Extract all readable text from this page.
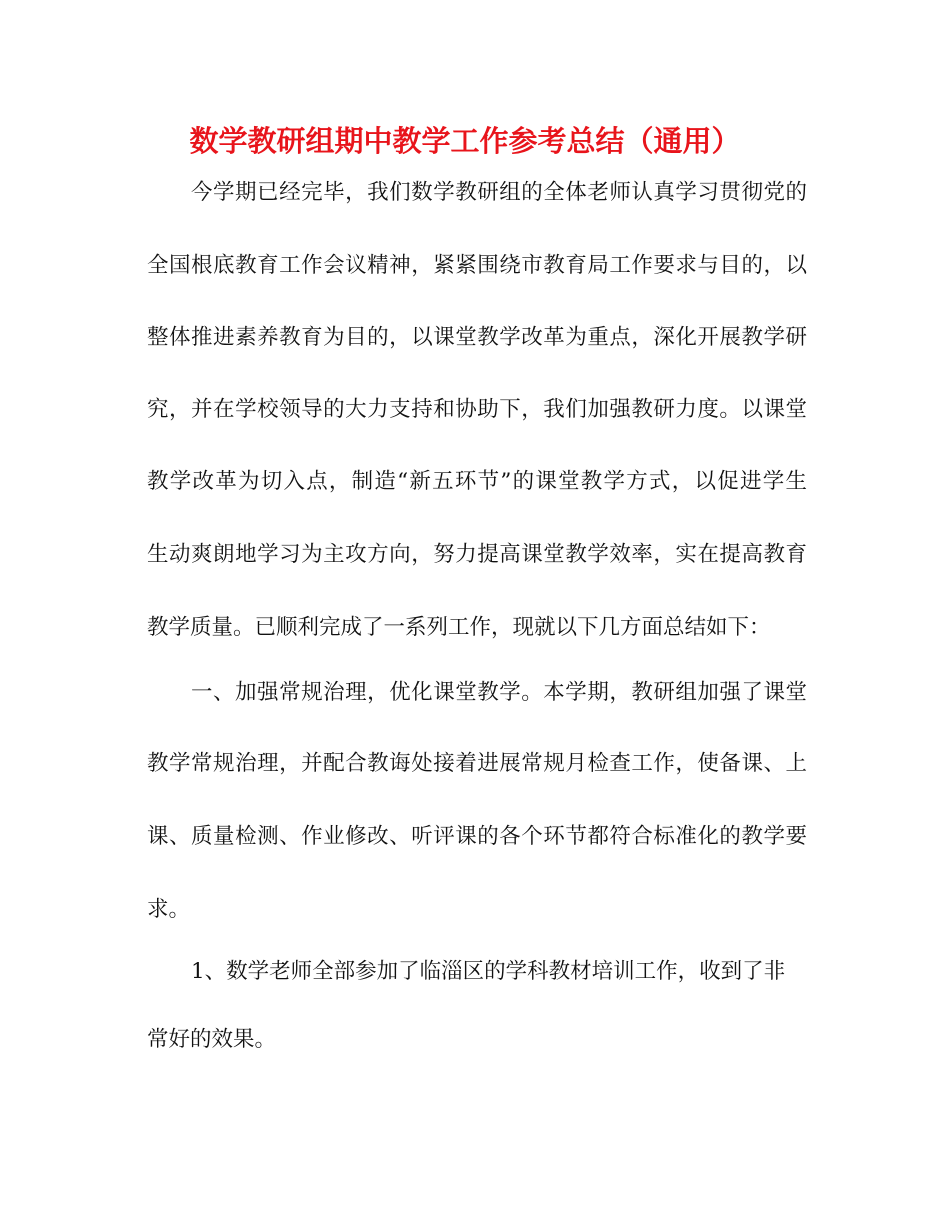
数学教研组期中教学工作参考总结（通用）
今学期已经完毕，我们数学教研组的全体老师认真学习贯彻党的
全国根底教育工作会议精神，紧紧围绕市教育局工作要求与目的，以
整体推进素养教育为目的，以课堂教学改革为重点，深化开展教学研
究，并在学校领导的大力支持和协助下，我们加强教研力度。以课堂
教学改革为切入点，制造“新五环节”的课堂教学方式，以促进学生
生动爽朗地学习为主攻方向，努力提高课堂教学效率，实在提高教育
教学质量。已顺利完成了一系列工作，现就以下几方面总结如下：
一、加强常规治理，优化课堂教学。本学期，教研组加强了课堂
教学常规治理，并配合教诲处接着进展常规月检查工作，使备课、上
课、质量检测、作业修改、听评课的各个环节都符合标准化的教学要
求。
1、数学老师全部参加了临淄区的学科教材培训工作，收到了非
常好的效果。
